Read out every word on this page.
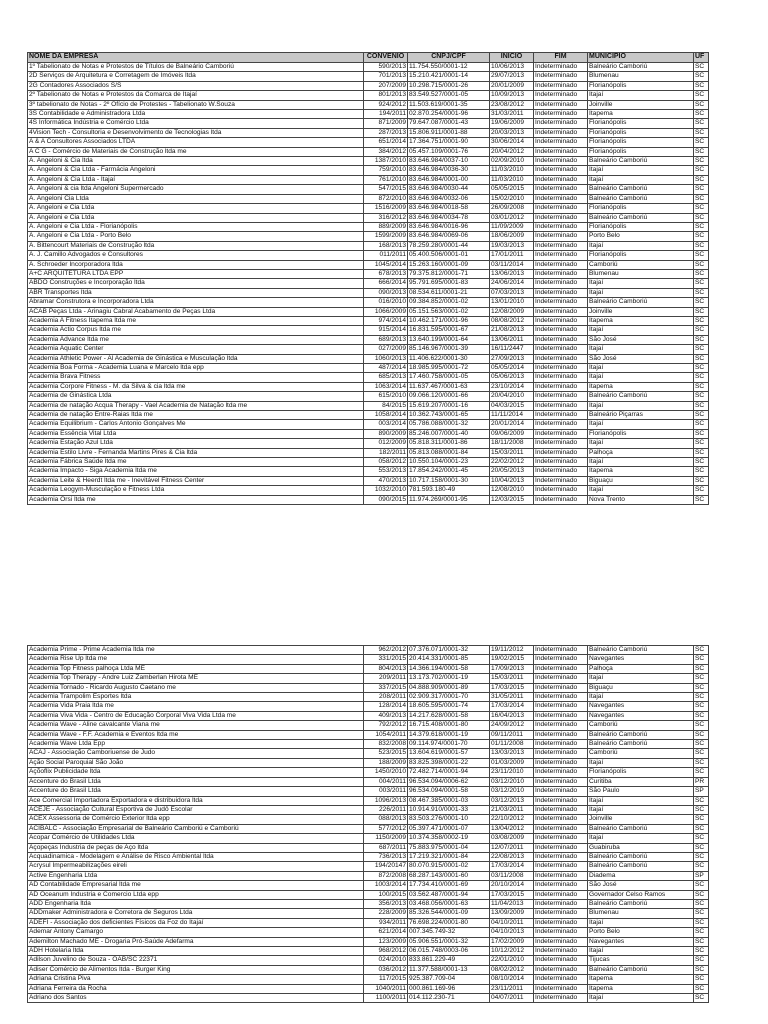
NOME DA EMPRESA	CONVENIO	CNPJ/CPF	INICIO	FIM	MUNICIPIO	UF
1º Tabelionato de Notas e Protestos de Títulos de Balneário Camboriú	590/2013	11.754.550/0001-12	10/06/2013	Indeterminado	Balneário Camboriú	SC
2D Serviços de Arquitetura e Corretagem de Imóveis ltda	701/2013	15.210.421/0001-14	29/07/2013	Indeterminado	Blumenau	SC
2G Contadores Associados S/S	207/2009	10.298.715/0001-26	20/01/2009	Indeterminado	Florianópolis	SC
2º Tabelionato de Notas e Protestos da Comarca de Itajaí	801/2013	83.549.527/0001-05	10/09/2013	Indeterminado	Itajaí	SC
3º tabelionato de Notas - 2º Ofício de Protestes - Tabelionato W.Souza	924/2012	11.503.619/0001-35	23/08/2012	Indeterminado	Joinville	SC
3S Contabilidade e Administradora Ltda	194/2011	02.870.254/0001-96	31/03/2011	Indeterminado	Itapema	SC
4S Informática Indústria e Comércio Ltda	871/2009	79.647.087/0001-43	19/06/2009	Indeterminado	Florianópolis	SC
4Vision Tech - Consultoria e Desenvolvimento de Tecnologias ltda	287/2013	15.806.911/0001-88	20/03/2013	Indeterminado	Florianópolis	SC
A & A Consultores Associados LTDA	651/2014	17.364.751/0001-90	30/06/2014	Indeterminado	Florianópolis	SC
A C G - Comércio de Materiais de Construção ltda me	384/2012	05.457.109/0001-76	20/04/2012	Indeterminado	Florianópolis	SC
A. Angeloni & Cia ltda	1387/2010	83.646.984/0037-10	02/09/2010	Indeterminado	Balneário Camboriú	SC
A. Angeloni & Cia Ltda - Farmácia Angeloni	759/2010	83.646.984/0036-30	11/03/2010	Indeterminado	Itajaí	SC
A. Angeloni & Cia Ltda - Itajaí	761/2010	83.646.984/0001-00	11/03/2010	Indeterminado	Itajaí	SC
A. Angeloni & cia ltda Angeloni Supermercado	547/2015	83.646.984/0030-44	05/05/2015	Indeterminado	Balneário Camboriú	SC
A. Angeloni Cia Ltda	872/2010	83.646.984/0032-06	15/02/2010	Indeterminado	Balneário Camboriú	SC
A. Angeloni e Cia Ltda	1516/2009	83.646.984/0018-58	26/09/2008	Indeterminado	Florianópolis	SC
A. Angeloni e Cia Ltda	316/2012	83.646.984/0034-78	03/01/2012	Indeterminado	Balneário Camboriú	SC
A. Angeloni e Cia Ltda - Florianópolis	889/2009	83.646.984/0016-96	11/09/2009	Indeterminado	Florianópolis	SC
A. Angeloni e Cia Ltda - Porto Belo	1599/2009	83.646.984/0069-06	18/06/2009	Indeterminado	Porto Belo	SC
A. Bittencourt Materiais de Construção ltda	168/2013	78.259.280/0001-44	19/03/2013	Indeterminado	Itajaí	SC
A. J. Camillo Advogados e Consultores	011/2011	05.400.506/0001-01	17/01/2011	Indeterminado	Florianópolis	SC
A. Schroeder Incorporadora ltda	1045/2014	15.263.160/0001-09	03/11/2014	Indeterminado	Camboriú	SC
A+C ARQUITETURA LTDA EPP	678/2013	79.375.812/0001-71	13/06/2013	Indeterminado	Blumenau	SC
ABDO Construções e Incorporação ltda	666/2014	95.791.695/0001-83	24/06/2014	Indeterminado	Itajaí	SC
ABR Transportes ltda	090/2013	08.534.611/0001-21	07/03/2013	Indeterminado	Itajaí	SC
Abramar Construtora e Incorporadora Ltda	016/2010	09.384.852/0001-02	13/01/2010	Indeterminado	Balneário Camboriú	SC
ACAB Peças Ltda - Arinagiu Cabral Acabamento de Peças Ltda	1066/2009	05.151.563/0001-02	12/08/2009	Indeterminado	Joinville	SC
Academia A Fitness Itapema ltda me	974/2014	10.462.171/0001-96	08/08/2012	Indeterminado	Itapema	SC
Academia Actio Corpus ltda me	915/2014	16.831.595/0001-67	21/08/2013	Indeterminado	Itajaí	SC
Academia Advance ltda me	689/2013	13.640.199/0001-64	13/06/2011	Indeterminado	São José	SC
Academia Aquatic Center	027/2009	85.146.967/0001-39	16/11/2447	Indeterminado	Itajaí	SC
Academia Athletic Power - Al Academia de Ginástica e Musculação ltda	1060/2013	11.406.622/0001-30	27/09/2013	Indeterminado	São José	SC
Academia Boa Forma - Academia Luana e Marcelo ltda epp	487/2014	18.985.995/0001-72	05/05/2014	Indeterminado	Itajaí	SC
Academia Brava Fitness	685/2013	17.460.758/0001-05	05/06/2013	Indeterminado	Itajaí	SC
Academia Corpore Fitness - M. da Silva & cia ltda me	1063/2014	11.637.467/0001-63	23/10/2014	Indeterminado	Itapema	SC
Academia de Ginástica Ltda	615/2010	09.066.120/0001-66	20/04/2010	Indeterminado	Balneário Camboriú	SC
Academia de natação Acqua Therapy - Vael Academia de Natação ltda me	84/2015	15.619.207/0001-16	04/03/2015	Indeterminado	Itajaí	SC
Academia de natação Entre-Raias ltda me	1058/2014	10.362.743/0001-65	11/11/2014	Indeterminado	Balneário Piçarras	SC
Academia Equilibrium - Carlos Antonio Gonçalves Me	003/2014	05.786.088/0001-32	20/01/2014	Indeterminado	Itajaí	SC
Academia Essência Vital Ltda	890/2009	85.246.007/0001-40	09/06/2009	Indeterminado	Florianópolis	SC
Academia Estação Azul Ltda	012/2009	05.818.311/0001-86	18/11/2008	Indeterminado	Itajaí	SC
Academia Estilo Livre - Fernanda Martins Pires & Cia ltda	182/2011	05.813.088/0001-84	15/03/2011	Indeterminado	Palhoça	SC
Academia Fábrica Saúde ltda me	058/2012	10.550.104/0001-23	22/02/2012	Indeterminado	Itajaí	SC
Academia Impacto - Siga Academia ltda me	553/2013	17.854.242/0001-45	20/05/2013	Indeterminado	Itapema	SC
Academia Leite & Heerdt ltda me - Inevitável Fitness Center	470/2013	10.717.158/0001-30	10/04/2013	Indeterminado	Biguaçu	SC
Academia Leogym-Musculação e Fitness Ltda	1032/2010	781.593.180-49	12/08/2010	Indeterminado	Itajaí	SC
Academia Orsi ltda me	090/2015	11.974.269/0001-95	12/03/2015	Indeterminado	Nova Trento	SC
Academia Prime - Prime Academia ltda me	962/2012	07.376.071/0001-32	19/11/2012	Indeterminado	Balneário Camboriú	SC
Academia Rise Up ltda me	331/2015	20.414.331/0001-85	19/02/2015	Indeterminado	Navegantes	SC
Academia Top Fitness palhoça Ltda ME	804/2013	14.366.194/0001-58	17/09/2013	Indeterminado	Palhoça	SC
Academia Top Therapy - Andre Luiz Zamberlan Hirota ME	209/2011	13.173.702/0001-19	15/03/2011	Indeterminado	Itajaí	SC
Academia Tornado - Ricardo Augusto Caetano me	337/2015	04.888.909/0001-89	17/03/2015	Indeterminado	Biguaçu	SC
Academia Trampolim Esportes ltda	208/2011	02.909.317/0001-70	31/05/2011	Indeterminado	Itajaí	SC
Academia Vida Praia ltda me	128/2014	18.605.595/0001-74	17/03/2014	Indeterminado	Navegantes	SC
Academia Viva Vida - Centro de Educação Corporal Viva Vida Ltda me	409/2013	14.217.628/0001-58	16/04/2013	Indeterminado	Navegantes	SC
Academia Wave - Aline cavalcante Viana me	792/2012	16.715.408/0001-80	24/09/2012	Indeterminado	Camboriú	SC
Academia Wave - F.F. Academia e Eventos ltda me	1054/2011	14.379.618/0001-19	09/11/2011	Indeterminado	Balneário Camboriú	SC
Academia Wave Ltda Epp	832/2008	09.114.974/0001-70	01/11/2008	Indeterminado	Balneário Camboriú	SC
ACAJ - Associação Camboriuense de Judo	523/2015	13.604.619/0001-57	13/03/2013	Indeterminado	Camboriú	SC
Ação Social Paroquial São João	188/2009	83.825.398/0001-22	01/03/2009	Indeterminado	Itajaí	SC
Açõoflix Publicidade ltda	1450/2010	72.482.714/0001-94	23/11/2010	Indeterminado	Florianópolis	SC
Accenture do Brasil Ltda	004/2011	96.534.094/0006-62	03/12/2010	Indeterminado	Curitiba	PR
Accenture do Brasil Ltda	003/2011	96.534.094/0001-58	03/12/2010	Indeterminado	São Paulo	SP
Ace Comercial Importadora Exportadora e distribuidora ltda	1096/2013	08.467.385/0001-03	03/12/2013	Indeterminado	Itajaí	SC
ACEJE - Associação Cultural Esportiva de Judô Escolar	226/2011	10.914.910/0001-33	21/03/2011	Indeterminado	Itajaí	SC
ACEX Assessoria de Comércio Exterior ltda epp	088/2013	83.503.276/0001-10	22/10/2012	Indeterminado	Joinville	SC
ACIBALC - Associação Empresarial de Balneário Camboriú e Camboriú	577/2012	05.397.471/0001-07	13/04/2012	Indeterminado	Balneário Camboriú	SC
Acopar Comércio de Utilidades Ltda	1150/2009	10.374.358/0002-19	03/08/2009	Indeterminado	Itajaí	SC
Açopeças Industria de peças de Aço ltda	687/2011	75.883.975/0001-04	12/07/2011	Indeterminado	Guabiruba	SC
Acquadinamica - Modelagem e Análise de Risco Ambiental ltda	736/2013	17.219.321/0001-84	22/08/2013	Indeterminado	Balneário Camboriú	SC
Acrysul Impermeabilizações eireli	194/20147	80.070.915/0001-02	17/03/2014	Indeterminado	Balneário Camboriú	SC
Active Engenharia Ltda	872/2008	68.287.143/0001-60	03/11/2008	Indeterminado	Diadema	SP
AD Contabilidade Empresarial ltda me	1003/2014	17.734.410/0001-69	20/10/2014	Indeterminado	São José	SC
AD Oceanum Industria e Comercio Ltda epp	100/2015	03.562.487/0001-94	17/03/2015	Indeterminado	Governador Celso Ramos	SC
ADD Engenharia ltda	356/2013	03.468.056/0001-63	11/04/2013	Indeterminado	Balneário Camboriú	SC
ADDmaker Administradora e Corretora de Seguros Ltda	228/2009	85.326.544/0001-09	13/09/2009	Indeterminado	Blumenau	SC
ADEFI - Associação dos deficientes Físicos da Foz do Itajaí	934/2011	76.698.224/0001-80	04/10/2011	Indeterminado	Itajaí	SC
Ademar Antony Camargo	621/2014	007.345.749-32	04/10/2013	Indeterminado	Porto Belo	SC
Ademilton Machado ME - Drogaria Pró-Saúde Adefarma	123/2009	05.906.551/0001-32	17/02/2009	Indeterminado	Navegantes	SC
ADH Hotelaria ltda	968/2012	06.015.748/0003-06	10/12/2012	Indeterminado	Itajaí	SC
Adilson Juvelino de Souza - OAB/SC 22371	024/2010	833.861.229-49	22/01/2010	Indeterminado	Tijucas	SC
Adiser Comércio de Alimentos ltda - Burger King	036/2012	11.377.588/0001-13	08/02/2012	Indeterminado	Balneário Camboriú	SC
Adriana Cristina Piva	117/2015	925.387.709-04	08/10/2014	Indeterminado	Itapema	SC
Adriana Ferreira da Rocha	1040/2011	000.861.169-96	23/11/2011	Indeterminado	Itapema	SC
Adriano dos Santos	1100/2011	014.112.230-71	04/07/2011	Indeterminado	Itajaí	SC
